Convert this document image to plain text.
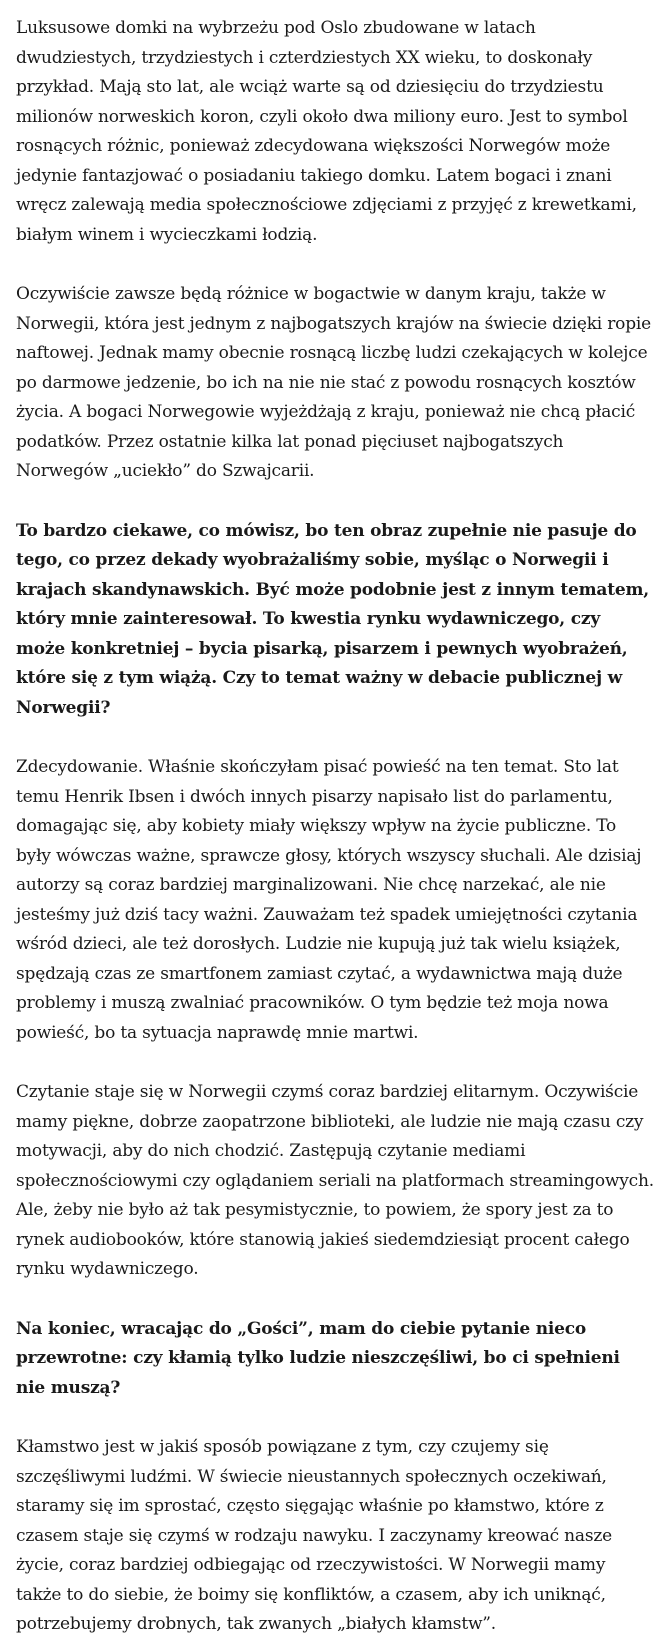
Luksusowe domki na wybrzeżu pod Oslo zbudowane w latach dwudziestych, trzydziestych i czterdziestych XX wieku, to doskonały przykład. Mają sto lat, ale wciąż warte są od dziesięciu do trzydziestu milionów norweskich koron, czyli około dwa miliony euro. Jest to symbol rosnących różnic, ponieważ zdecydowana większości Norwegów może jedynie fantazjować o posiadaniu takiego domku. Latem bogaci i znani wręcz zalewają media społecznościowe zdjęciami z przyjęć z krewetkami, białym winem i wycieczkami łodzią.

Oczywiście zawsze będą różnice w bogactwie w danym kraju, także w Norwegii, która jest jednym z najbogatszych krajów na świecie dzięki ropie naftowej. Jednak mamy obecnie rosnącą liczbę ludzi czekających w kolejce po darmowe jedzenie, bo ich na nie nie stać z powodu rosnących kosztów życia. A bogaci Norwegowie wyjeżdżają z kraju, ponieważ nie chcą płacić podatków. Przez ostatnie kilka lat ponad pięciuset najbogatszych Norwegów „uciekło” do Szwajcarii.

To bardzo ciekawe, co mówisz, bo ten obraz zupełnie nie pasuje do tego, co przez dekady wyobrażaliśmy sobie, myśląc o Norwegii i krajach skandynawskich. Być może podobnie jest z innym tematem, który mnie zainteresował. To kwestia rynku wydawniczego, czy może konkretniej – bycia pisarką, pisarzem i pewnych wyobrażeń, które się z tym wiążą. Czy to temat ważny w debacie publicznej w Norwegii?

Zdecydowanie. Właśnie skończyłam pisać powieść na ten temat. Sto lat temu Henrik Ibsen i dwóch innych pisarzy napisało list do parlamentu, domagając się, aby kobiety miały większy wpływ na życie publiczne. To były wówczas ważne, sprawcze głosy, których wszyscy słuchali. Ale dzisiaj autorzy są coraz bardziej marginalizowani. Nie chcę narzekać, ale nie jesteśmy już dziś tacy ważni. Zauważam też spadek umiejętności czytania wśród dzieci, ale też dorosłych. Ludzie nie kupują już tak wielu książek, spędzają czas ze smartfonem zamiast czytać, a wydawnictwa mają duże problemy i muszą zwalniać pracowników. O tym będzie też moja nowa powieść, bo ta sytuacja naprawdę mnie martwi.

Czytanie staje się w Norwegii czymś coraz bardziej elitarnym. Oczywiście mamy piękne, dobrze zaopatrzone biblioteki, ale ludzie nie mają czasu czy motywacji, aby do nich chodzić. Zastępują czytanie mediami społecznościowymi czy oglądaniem seriali na platformach streamingowych. Ale, żeby nie było aż tak pesymistycznie, to powiem, że spory jest za to rynek audiobooków, które stanowią jakieś siedemdziesiąt procent całego rynku wydawniczego.

Na koniec, wracając do „Gości”, mam do ciebie pytanie nieco przewrotne: czy kłamią tylko ludzie nieszczęśliwi, bo ci spełnieni nie muszą?

Kłamstwo jest w jakiś sposób powiązane z tym, czy czujemy się szczęśliwymi ludźmi. W świecie nieustannych społecznych oczekiwań, staramy się im sprostać, często sięgając właśnie po kłamstwo, które z czasem staje się czymś w rodzaju nawyku. I zaczynamy kreować nasze życie, coraz bardziej odbiegając od rzeczywistości. W Norwegii mamy także to do siebie, że boimy się konfliktów, a czasem, aby ich uniknąć, potrzebujemy drobnych, tak zwanych „białych kłamstw”.
